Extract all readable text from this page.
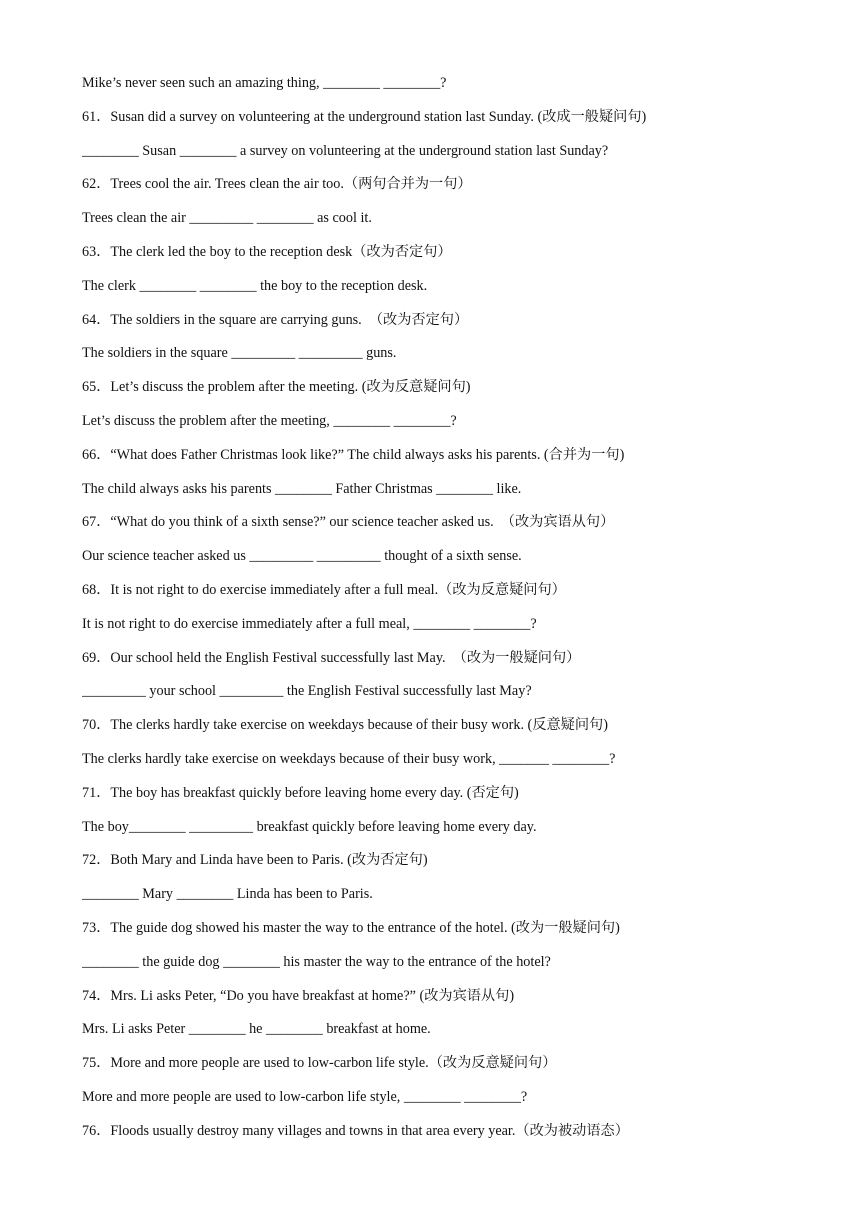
Mike’s never seen such an amazing thing, ________ ________?
61．Susan did a survey on volunteering at the underground station last Sunday. (改成一般疑问句)
________ Susan ________ a survey on volunteering at the underground station last Sunday?
62．Trees cool the air. Trees clean the air too.（两句合并为一句）
Trees clean the air _________ ________ as cool it.
63．The clerk led the boy to the reception desk（改为否定句）
The clerk ________ ________ the boy to the reception desk.
64．The soldiers in the square are carrying guns.  （改为否定句）
The soldiers in the square _________ _________ guns.
65．Let’s discuss the problem after the meeting. (改为反意疑问句)
Let’s discuss the problem after the meeting, ________ ________?
66．“What does Father Christmas look like?” The child always asks his parents. (合并为一句)
The child always asks his parents ________ Father Christmas ________ like.
67．“What do you think of a sixth sense?” our science teacher asked us.  （改为宾语从句）
Our science teacher asked us _________ _________ thought of a sixth sense.
68．It is not right to do exercise immediately after a full meal.（改为反意疑问句）
It is not right to do exercise immediately after a full meal, ________ ________?
69．Our school held the English Festival successfully last May.  （改为一般疑问句）
_________ your school _________ the English Festival successfully last May?
70．The clerks hardly take exercise on weekdays because of their busy work. (反意疑问句)
The clerks hardly take exercise on weekdays because of their busy work, _______ ________?
71．The boy has breakfast quickly before leaving home every day. (否定句)
The boy________ _________ breakfast quickly before leaving home every day.
72．Both Mary and Linda have been to Paris. (改为否定句)
________ Mary ________ Linda has been to Paris.
73．The guide dog showed his master the way to the entrance of the hotel. (改为一般疑问句)
________ the guide dog ________ his master the way to the entrance of the hotel?
74．Mrs. Li asks Peter, “Do you have breakfast at home?” (改为宾语从句)
Mrs. Li asks Peter ________ he ________ breakfast at home.
75．More and more people are used to low-carbon life style.（改为反意疑问句）
More and more people are used to low-carbon life style, ________ ________?
76．Floods usually destroy many villages and towns in that area every year.（改为被动语态）
